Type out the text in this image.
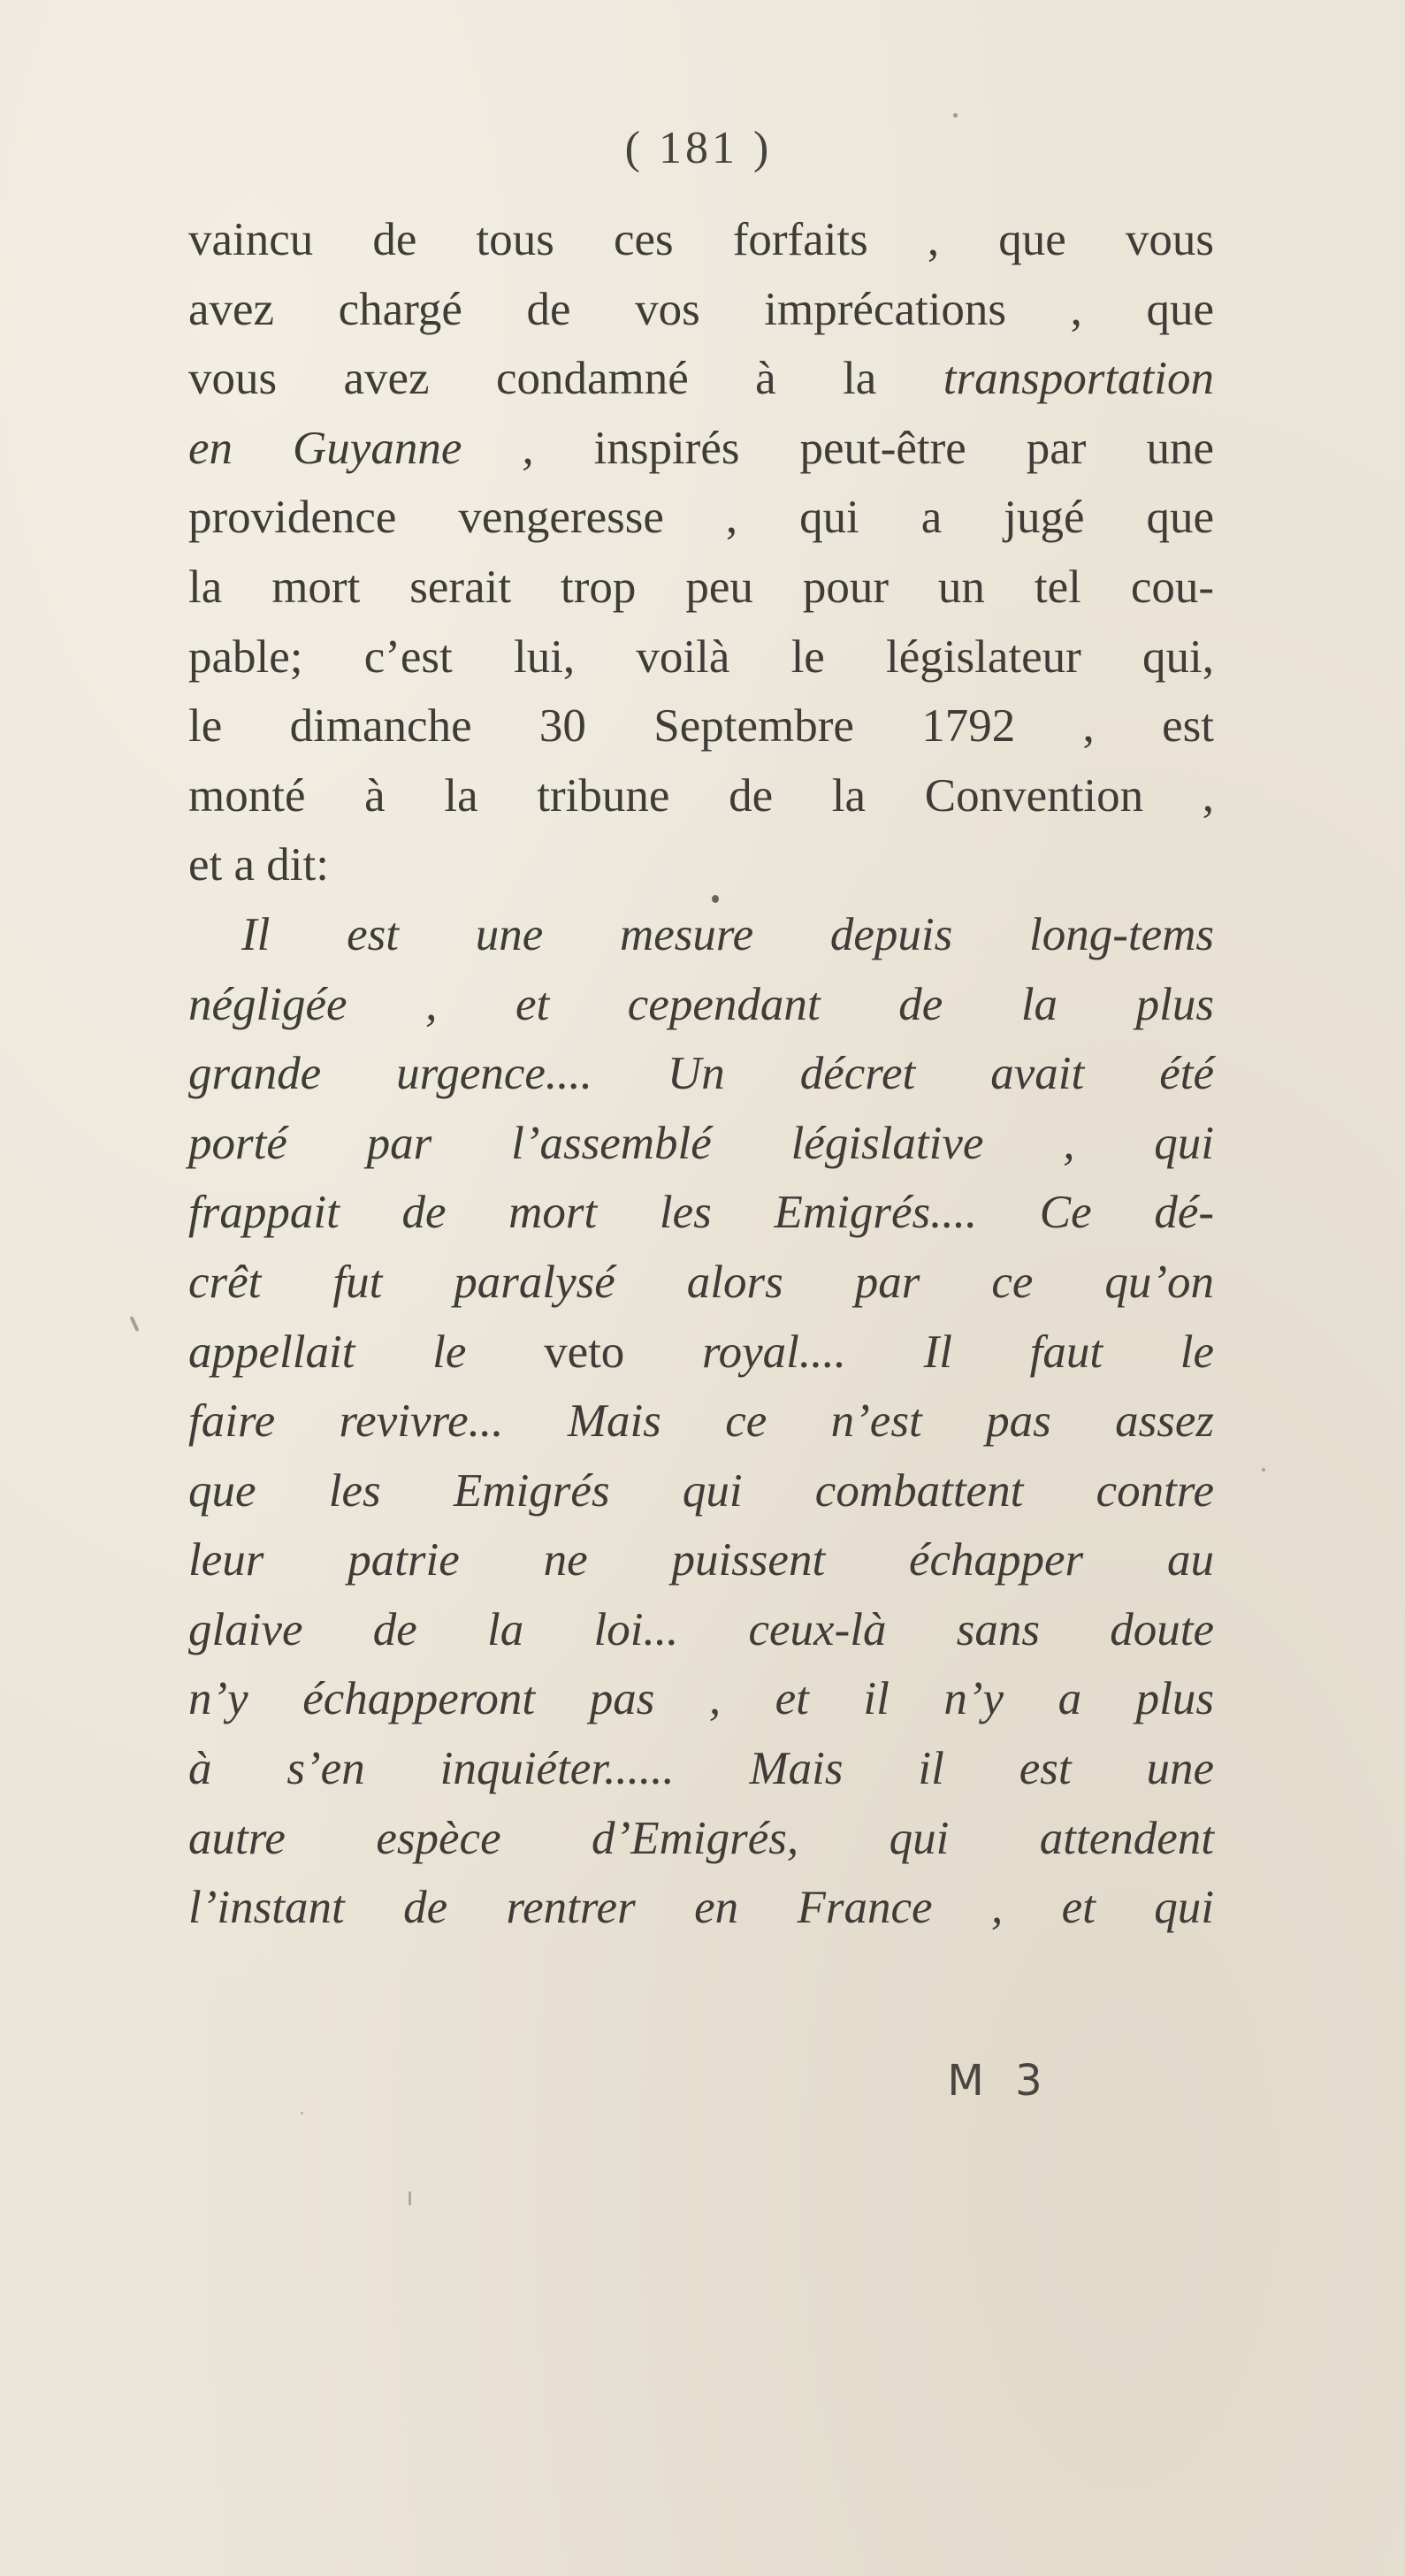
( 181 )
vaincu de tous ces forfaits , que vous
avez chargé de vos imprécations , que
vous avez condamné à la transportation
en Guyanne , inspirés peut-être par une
providence vengeresse , qui a jugé que
la mort serait trop peu pour un tel cou-
pable; c’est lui, voilà le législateur qui,
le dimanche 30 Septembre 1792 , est
monté à la tribune de la Convention ,
et a dit:
Il est une mesure depuis long-tems
négligée , et cependant de la plus
grande urgence.... Un décret avait été
porté par l’assemblé législative , qui
frappait de mort les Emigrés.... Ce dé-
crêt fut paralysé alors par ce qu’on
appellait le veto royal.... Il faut le
faire revivre... Mais ce n’est pas assez
que les Emigrés qui combattent contre
leur patrie ne puissent échapper au
glaive de la loi... ceux-là sans doute
n’y échapperont pas , et il n’y a plus
à s’en inquiéter...... Mais il est une
autre espèce d’Emigrés, qui attendent
l’instant de rentrer en France , et qui
M 3
